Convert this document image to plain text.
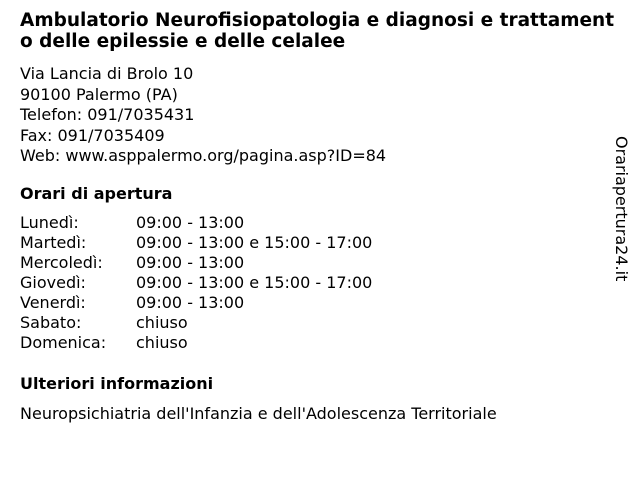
Ambulatorio Neurofisiopatologia e diagnosi e trattamento delle epilessie e delle celalee
Via Lancia di Brolo 10
90100 Palermo (PA)
Telefon: 091/7035431
Fax: 091/7035409
Web: www.asppalermo.org/pagina.asp?ID=84
Orari di apertura
Lunedì:	09:00 - 13:00
Martedì:	09:00 - 13:00 e 15:00 - 17:00
Mercoledì:	09:00 - 13:00
Giovedì:	09:00 - 13:00 e 15:00 - 17:00
Venerdì:	09:00 - 13:00
Sabato:	chiuso
Domenica:	chiuso
Ulteriori informazioni
Neuropsichiatria dell'Infanzia e dell'Adolescenza Territoriale
Orariapertura24.it
